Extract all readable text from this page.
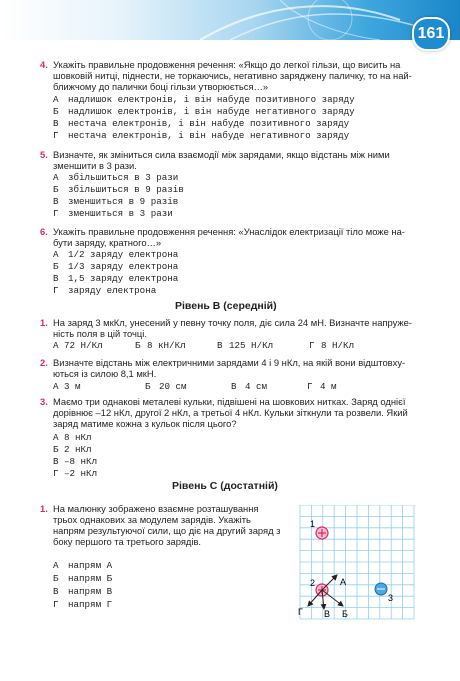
161
4. Укажіть правильне продовження речення: «Якщо до легкої гільзи, що висить на
шовковій нитці, піднести, не торкаючись, негативно заряджену паличку, то на най-
ближчому до палички боці гільзи утворюється…»
А надлишок електронів, і він набуде позитивного заряду
Б надлишок електронів, і він набуде негативного заряду
В нестача електронів, і він набуде позитивного заряду
Г нестача електронів, і він набуде негативного заряду
5. Визначте, як зміниться сила взаємодії між зарядами, якщо відстань між ними
зменшити в 3 рази.
А збільшиться в 3 рази
Б збільшиться в 9 разів
В зменшиться в 9 разів
Г зменшиться в 3 рази
6. Укажіть правильне продовження речення: «Унаслідок електризації тіло може на-
бути заряду, кратного…»
А 1/2 заряду електрона
Б 1/3 заряду електрона
В 1,5 заряду електрона
Г заряду електрона
Рівень В (середній)
1. На заряд 3 мкКл, унесений у певну точку поля, діє сила 24 мН. Визначте напруже-
ність поля в цій точці.
А 72 Н/Кл	Б 8 кН/Кл	В 125 Н/Кл	Г 8 Н/Кл
2. Визначте відстань між електричними зарядами 4 і 9 нКл, на якій вони відштовху-
ються із силою 8,1 мкН.
А 3 м	Б 20 см	В 4 см	Г 4 м
3. Маємо три однакові металеві кульки, підвішені на шовкових нитках. Заряд однієї
дорівнює –12 нКл, другої 2 нКл, а третьої 4 нКл. Кульки зіткнули та розвели. Який
заряд матиме кожна з кульок після цього?
А 8 нКл
Б 2 нКл
В –8 нКл
Г –2 нКл
Рівень С (достатній)
1. На малюнку зображено взаємне розташування
трьох однакових за модулем зарядів. Укажіть
напрям результуючої сили, що діє на другий заряд з
боку першого та третього зарядів.
А напрям А
Б напрям Б
В напрям В
Г напрям Г
1
2
3
А
Б
В
Г
